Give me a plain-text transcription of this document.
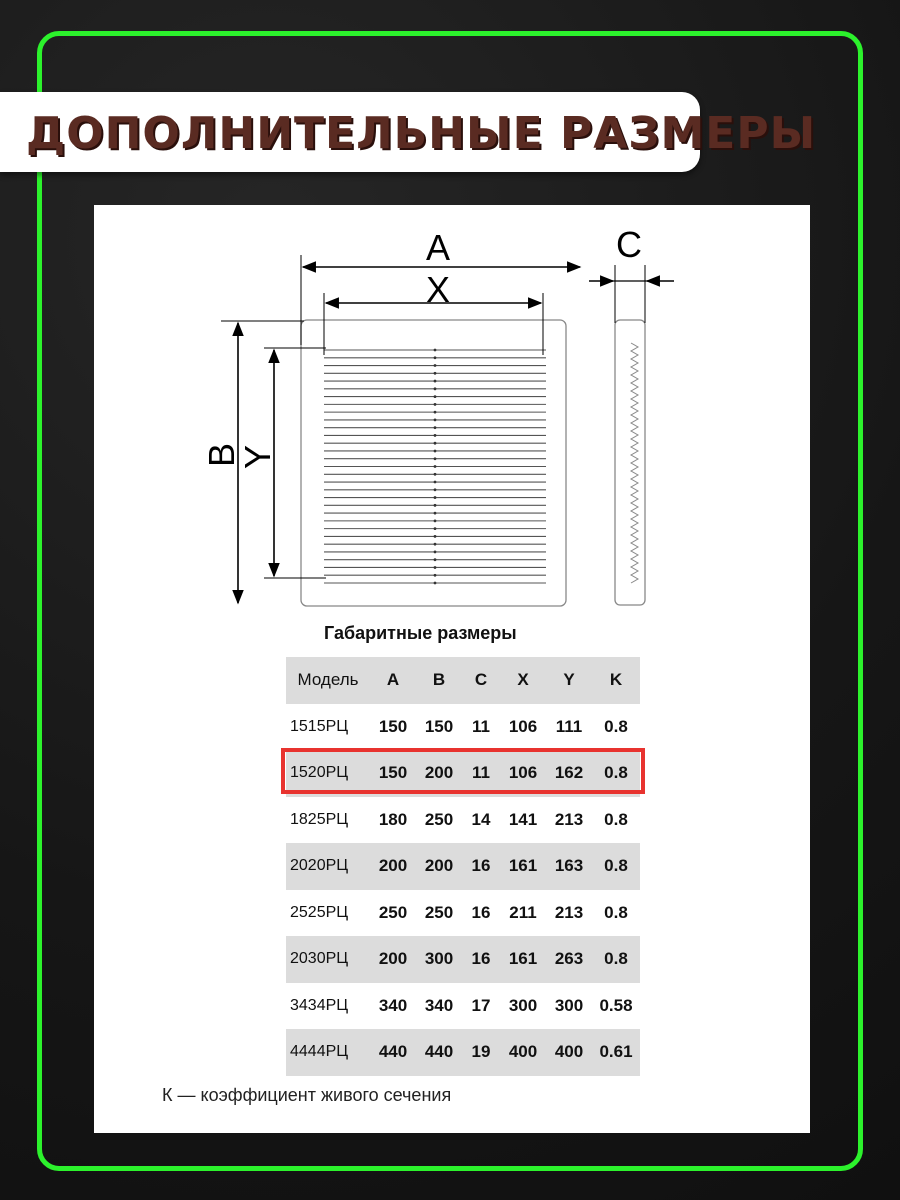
ДОПОЛНИТЕЛЬНЫЕ РАЗМЕРЫ
A
X
B
Y
C
Габаритные размеры
Модель	A	B	C	X	Y	K
1515РЦ	150	150	11	106	111	0.8
1520РЦ	150	200	11	106	162	0.8
1825РЦ	180	250	14	141	213	0.8
2020РЦ	200	200	16	161	163	0.8
2525РЦ	250	250	16	211	213	0.8
2030РЦ	200	300	16	161	263	0.8
3434РЦ	340	340	17	300	300	0.58
4444РЦ	440	440	19	400	400	0.61
К — коэффициент живого сечения
